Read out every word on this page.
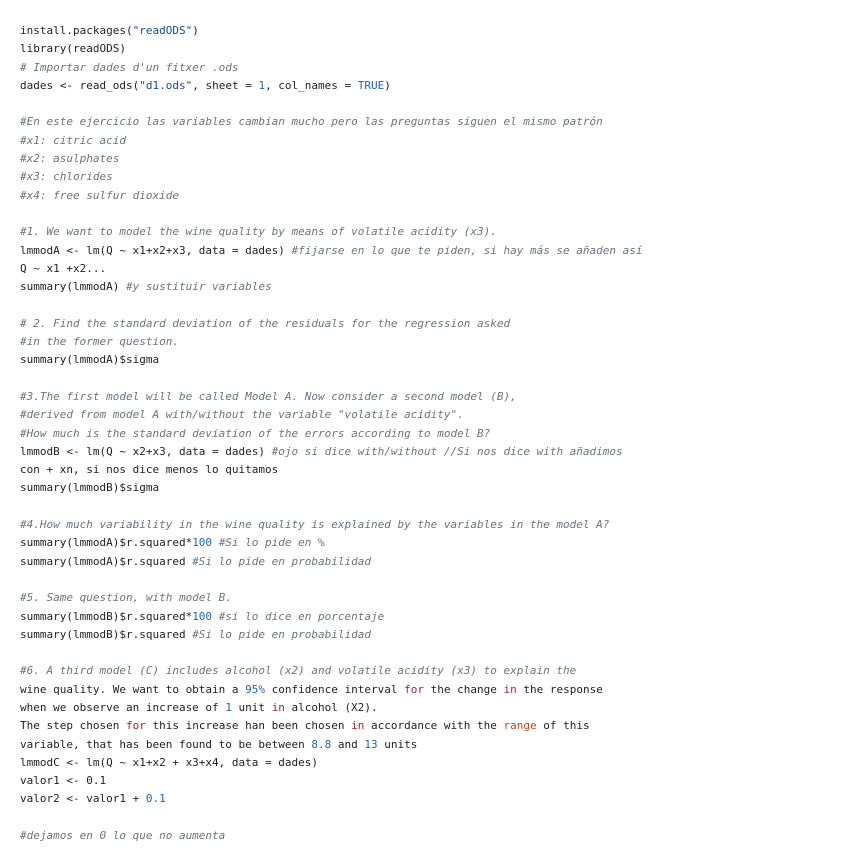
install.packages("readODS")
library(readODS)
# Importar dades d'un fitxer .ods
dades <- read_ods("d1.ods", sheet = 1, col_names = TRUE)

#En este ejercicio las variables cambian mucho pero las preguntas siguen el mismo patrón
#x1: citric acid
#x2: asulphates
#x3: chlorides
#x4: free sulfur dioxide

#1. We want to model the wine quality by means of volatile acidity (x3).
lmmodA <- lm(Q ~ x1+x2+x3, data = dades) #fijarse en lo que te piden, si hay más se añaden así
Q ~ x1 +x2...
summary(lmmodA) #y sustituir variables

# 2. Find the standard deviation of the residuals for the regression asked
#in the former question.
summary(lmmodA)$sigma

#3.The first model will be called Model A. Now consider a second model (B),
#derived from model A with/without the variable "volatile acidity".
#How much is the standard deviation of the errors according to model B?
lmmodB <- lm(Q ~ x2+x3, data = dades) #ojo si dice with/without //Si nos dice with añadimos
con + xn, si nos dice menos lo quitamos
summary(lmmodB)$sigma

#4.How much variability in the wine quality is explained by the variables in the model A?
summary(lmmodA)$r.squared*100 #Si lo pide en %
summary(lmmodA)$r.squared #Si lo pide en probabilidad

#5. Same question, with model B.
summary(lmmodB)$r.squared*100 #si lo dice en porcentaje
summary(lmmodB)$r.squared #Si lo pide en probabilidad

#6. A third model (C) includes alcohol (x2) and volatile acidity (x3) to explain the
wine quality. We want to obtain a 95% confidence interval for the change in the response
when we observe an increase of 1 unit in alcohol (X2).
The step chosen for this increase han been chosen in accordance with the range of this
variable, that has been found to be between 8.8 and 13 units
lmmodC <- lm(Q ~ x1+x2 + x3+x4, data = dades)
valor1 <- 0.1
valor2 <- valor1 + 0.1

#dejamos en 0 lo que no aumenta
